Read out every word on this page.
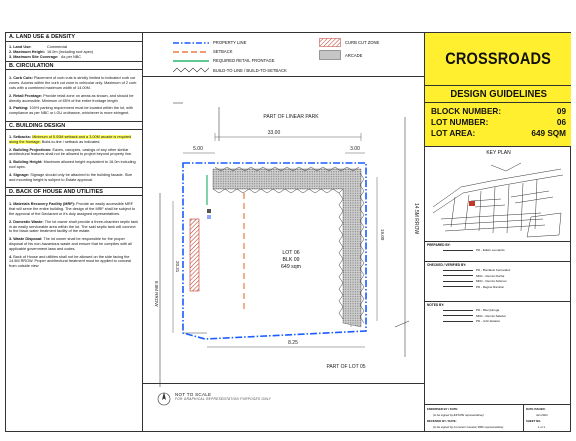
A. LAND USE & DENSITY
1. Land Use:	Commercial
2. Maximum Height: 16.0m (including roof apex)
3. Maximum Site Coverage: As per NBC
B. CIRCULATION
1. Curb Cuts: Placement of curb cuts is strictly limited to indicated curb cut zones. Access within the curb cut zone is vehicular only. Maximum of 2 curb cuts with a combined maximum width of 14.00M.
2. Retail Frontage: Provide retail zone on areas as shown, and should be directly accessible. Minimum of 65% of the entire frontage length
3. Parking: 100% parking requirement must be located within the lot, with compliance as per NBC or LGU ordinance, whichever is more stringent.
C. BUILDING DESIGN
1. Setbacks: Minimum of 5.00M setback and a 3.00M arcade is required along the frontage. Build-to-line / setback as indicated.
2. Building Projections: Eaves, canopies, casings of any other similar architectural features shall not be allowed to project beyond property line.
3. Building Height: Maximum allowed height equivalent to 16.0m including roof apex.
4. Signage: Signage should only be attached to the building facade. Size and mounting height is subject to Estate approval.
D. BACK OF HOUSE AND UTILITIES
1. Materials Recovery Facility (MRF): Provide an easily accessible MRF that will serve the entire building. The design of the MRF shall be subject to the approval of the Declarant or it's duly assigned representatives.
2. Domestic Waste: The lot owner shall provide a three-chamber septic tank in an easily serviceable area within the lot. The said septic tank will connect to the black water treatment facility of the estate.
3. Waste Disposal: The lot owner shall be responsible for the proper disposal of his non-hazardous waste and ensure that he complies with all applicable government laws and codes.
4. Back of House and utilities shall not be allowed on the side facing the 14.5M RROW. Proper architectural treatment must be applied to conceal from outside view
PROPERTY LINE
SETBACK
REQUIRED RETAIL FRONTAGE
BUILD-TO LINE / BUILD-TO-SETBACK
CURB CUT ZONE
ARCADE
PART OF LINEAR PARK
PART OF LOT 05
14.5M RROW
8.0M RROW
33.00
5.00	3.00
8.25
19.00
20.31
LOT 06
BLK 09
649 sqm
NOT TO SCALE
FOR GRAPHICAL REPRESENTATION PURPOSES ONLY
CROSSROADS
DESIGN GUIDELINES
BLOCK NUMBER:	09
LOT NUMBER:	06
LOT AREA:	649 SQM
KEY PLAN
PREPARED BY:
PD - Edwin Leonardo
CHECKED / VERIFIED BY:
PD - Bonifacio Fernandez
MDC - Dennis Rocha
MDC - Dennis Soliman
PD - Regine Ramilon
NOTED BY:
PD - Mia Quiroga
MDC - Dennis Salazar
PD - John Estacio
ENDORSED BY / DATE:
(to be signed by ESTATE representative)
RECEIVED BY / DATE:
(to be signed by lot owner/ investor/ RBC representative)
DATE ISSUED:
Jan 2024
SHEET NO.
1 of 1
